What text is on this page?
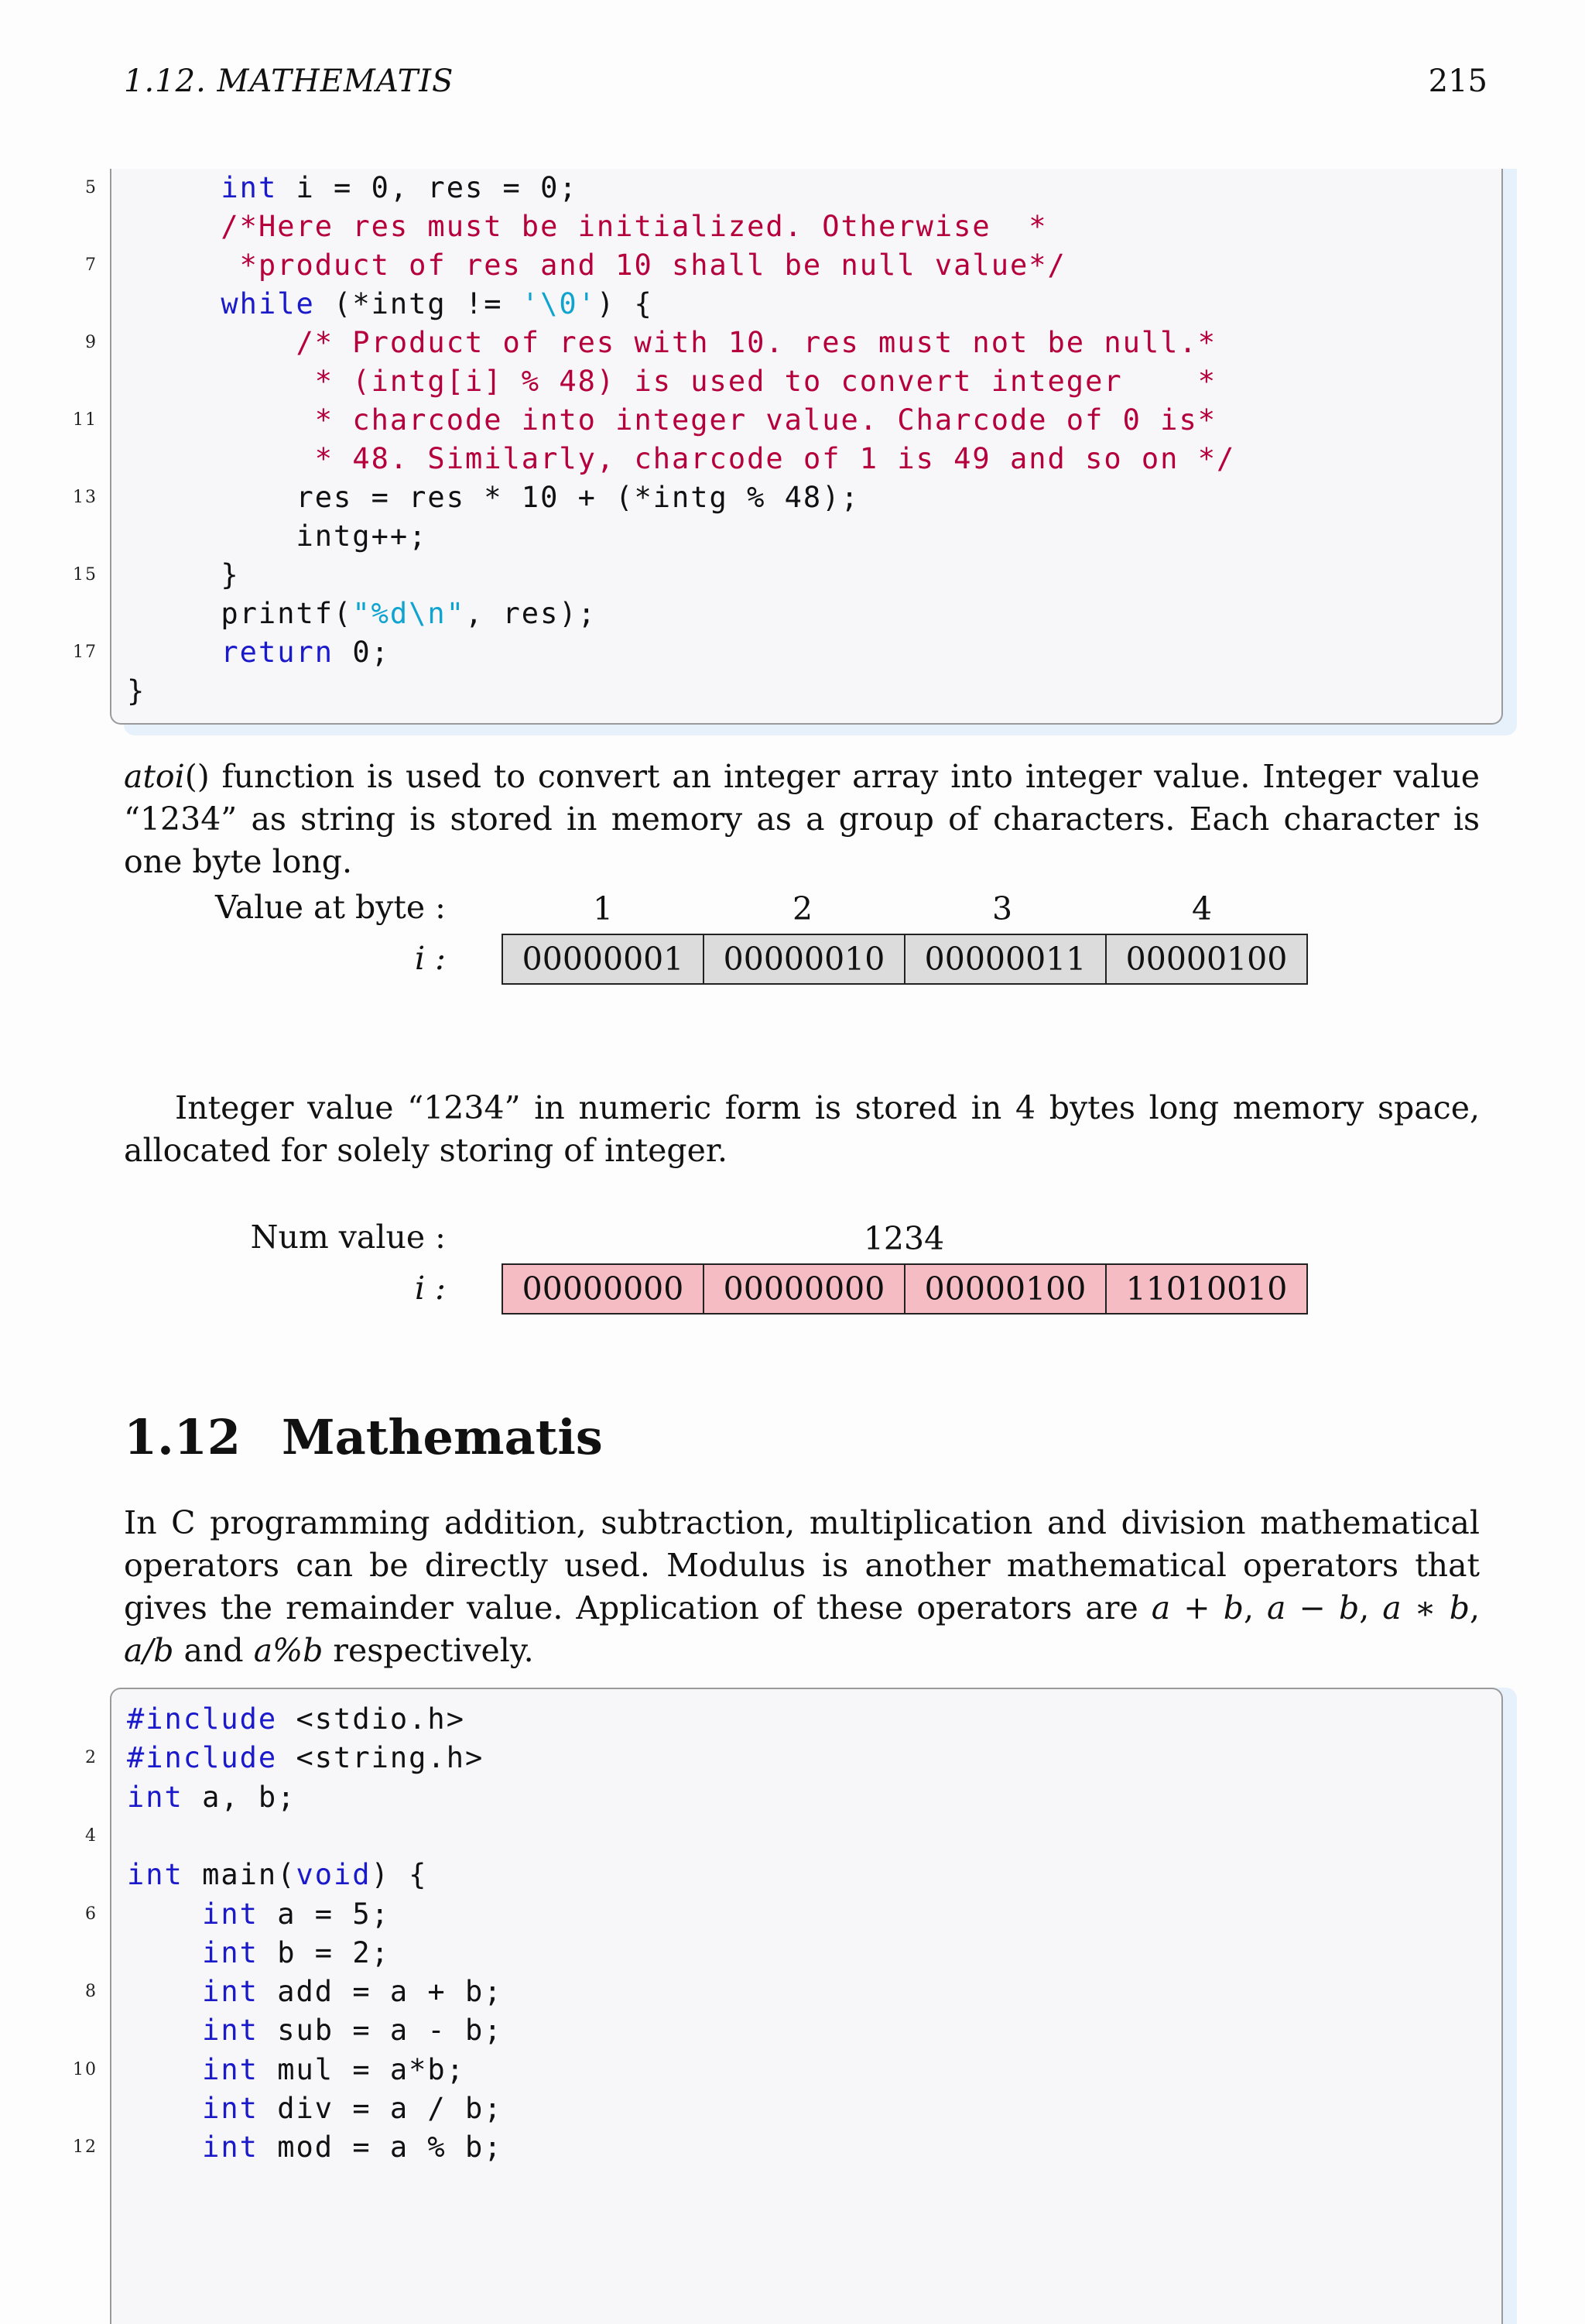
1.12. MATHEMATIS	215
int i = 0, res = 0;
5
/*Here res must be initialized. Otherwise  *
*product of res and 10 shall be null value*/
7
while (*intg != '\0') {
/* Product of res with 10. res must not be null.*
9
* (intg[i] % 48) is used to convert integer    *
* charcode into integer value. Charcode of 0 is*
11
* 48. Similarly, charcode of 1 is 49 and so on */
res = res * 10 + (*intg % 48);
13
intg++;
}
15
printf("%d\n", res);
return 0;
17
}
atoi() function is used to convert an integer array into integer value. Integer value “1234” as string is stored in memory as a group of characters. Each character is one byte long.
Value at byte :
i :
1	2	3	4
00000001	00000010	00000011	00000100
Integer value “1234” in numeric form is stored in 4 bytes long memory space, allocated for solely storing of integer.
Num value :
i :
1234
00000000	00000000	00000100	11010010
1.12 Mathematis
In C programming addition, subtraction, multiplication and division mathematical operators can be directly used. Modulus is another mathematical operators that gives the remainder value. Application of these operators are a + b, a − b, a ∗ b, a/b and a%b respectively.
#include <stdio.h>
#include <string.h>
2
int a, b;
4
int main(void) {
int a = 5;
6
int b = 2;
int add = a + b;
8
int sub = a - b;
int mul = a*b;
10
int div = a / b;
int mod = a % b;
12
